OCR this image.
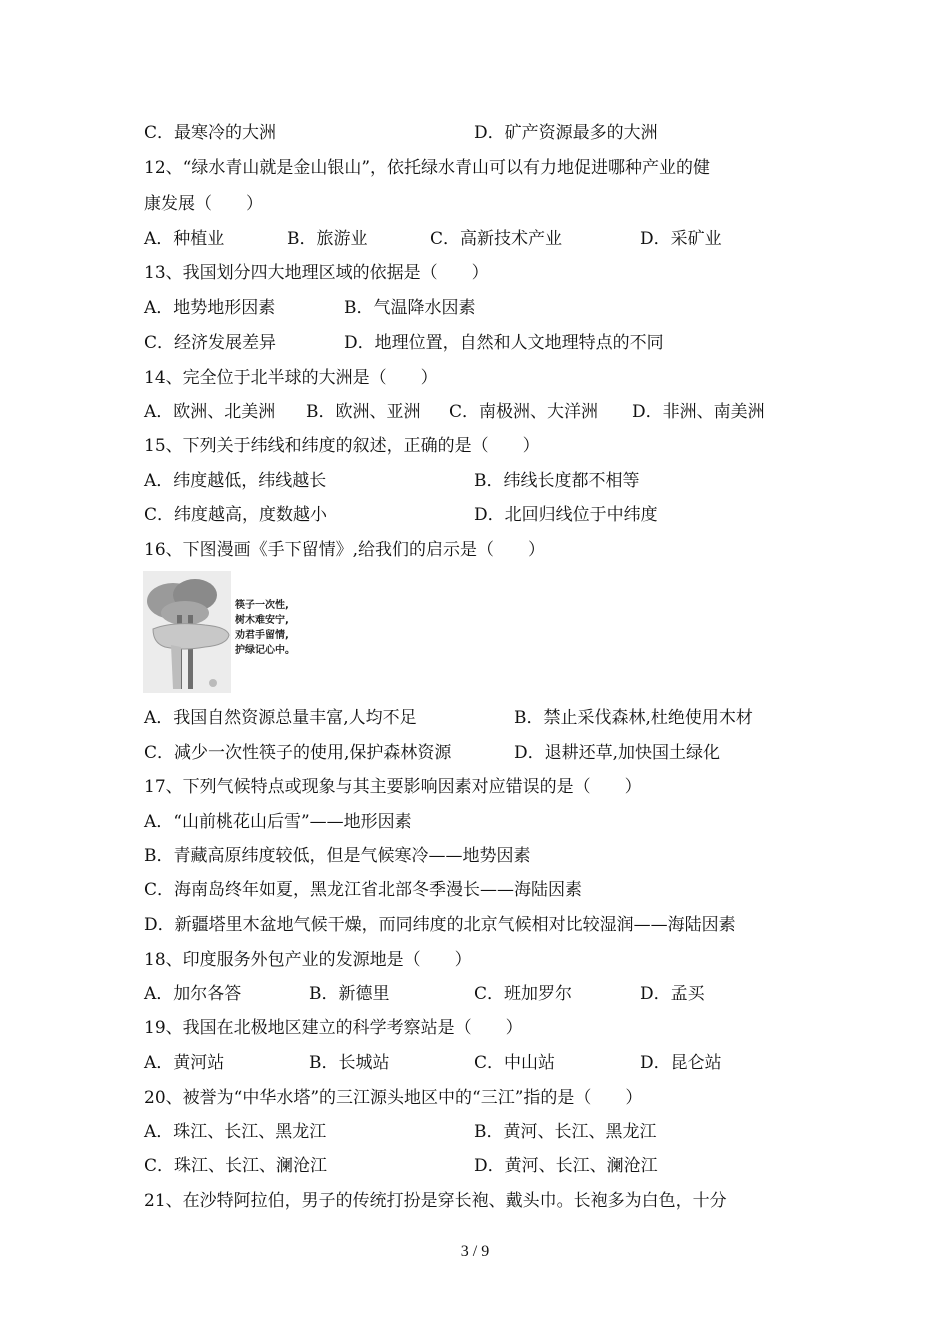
C．最寒冷的大洲	D．矿产资源最多的大洲
12、“绿水青山就是金山银山”，依托绿水青山可以有力地促进哪种产业的健
康发展（　　）
A．种植业	B．旅游业	C．高新技术产业	D．采矿业
13、我国划分四大地理区域的依据是（　　）
A．地势地形因素	B．气温降水因素
C．经济发展差异	D．地理位置，自然和人文地理特点的不同
14、完全位于北半球的大洲是（　　）
A．欧洲、北美洲 B．欧洲、亚洲 C．南极洲、大洋洲 D．非洲、南美洲
15、下列关于纬线和纬度的叙述，正确的是（　　）
A．纬度越低，纬线越长	B．纬线长度都不相等
C．纬度越高，度数越小	D．北回归线位于中纬度
16、下图漫画《手下留情》,给我们的启示是（　　）
筷子一次性,
树木难安宁,
劝君手留情,
护绿记心中。
A．我国自然资源总量丰富,人均不足	B．禁止采伐森林,杜绝使用木材
C．减少一次性筷子的使用,保护森林资源	D．退耕还草,加快国土绿化
17、下列气候特点或现象与其主要影响因素对应错误的是（　　）
A．“山前桃花山后雪”——地形因素
B．青藏高原纬度较低，但是气候寒冷——地势因素
C．海南岛终年如夏，黑龙江省北部冬季漫长——海陆因素
D．新疆塔里木盆地气候干燥，而同纬度的北京气候相对比较湿润——海陆因素
18、印度服务外包产业的发源地是（　　）
A．加尔各答	B．新德里	C．班加罗尔	D．孟买
19、我国在北极地区建立的科学考察站是（　　）
A．黄河站	B．长城站	C．中山站	D．昆仑站
20、被誉为“中华水塔”的三江源头地区中的“三江”指的是（　　）
A．珠江、长江、黑龙江	B．黄河、长江、黑龙江
C．珠江、长江、澜沧江	D．黄河、长江、澜沧江
21、在沙特阿拉伯，男子的传统打扮是穿长袍、戴头巾。长袍多为白色，十分
3 / 9
